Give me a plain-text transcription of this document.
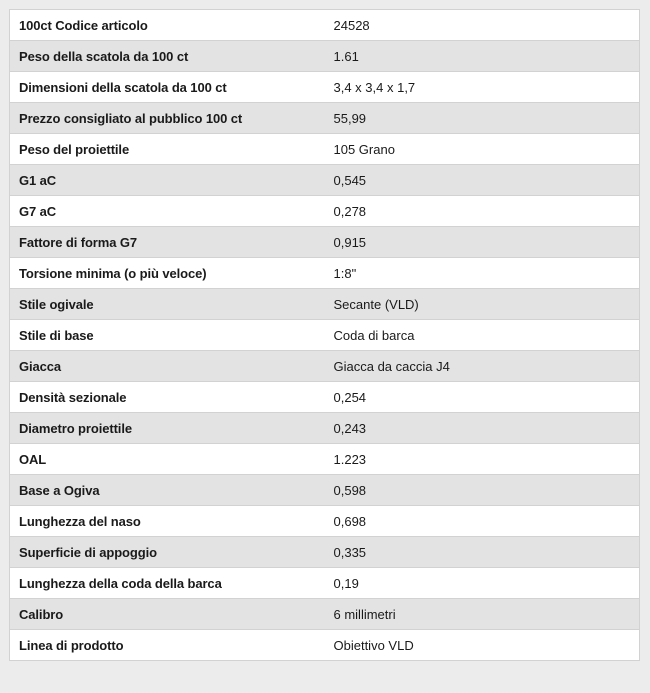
100ct Codice articolo	24528
Peso della scatola da 100 ct	1.61
Dimensioni della scatola da 100 ct	3,4 x 3,4 x 1,7
Prezzo consigliato al pubblico 100 ct	55,99
Peso del proiettile	105 Grano
G1 aC	0,545
G7 aC	0,278
Fattore di forma G7	0,915
Torsione minima (o più veloce)	1:8"
Stile ogivale	Secante (VLD)
Stile di base	Coda di barca
Giacca	Giacca da caccia J4
Densità sezionale	0,254
Diametro proiettile	0,243
OAL	1.223
Base a Ogiva	0,598
Lunghezza del naso	0,698
Superficie di appoggio	0,335
Lunghezza della coda della barca	0,19
Calibro	6 millimetri
Linea di prodotto	Obiettivo VLD
